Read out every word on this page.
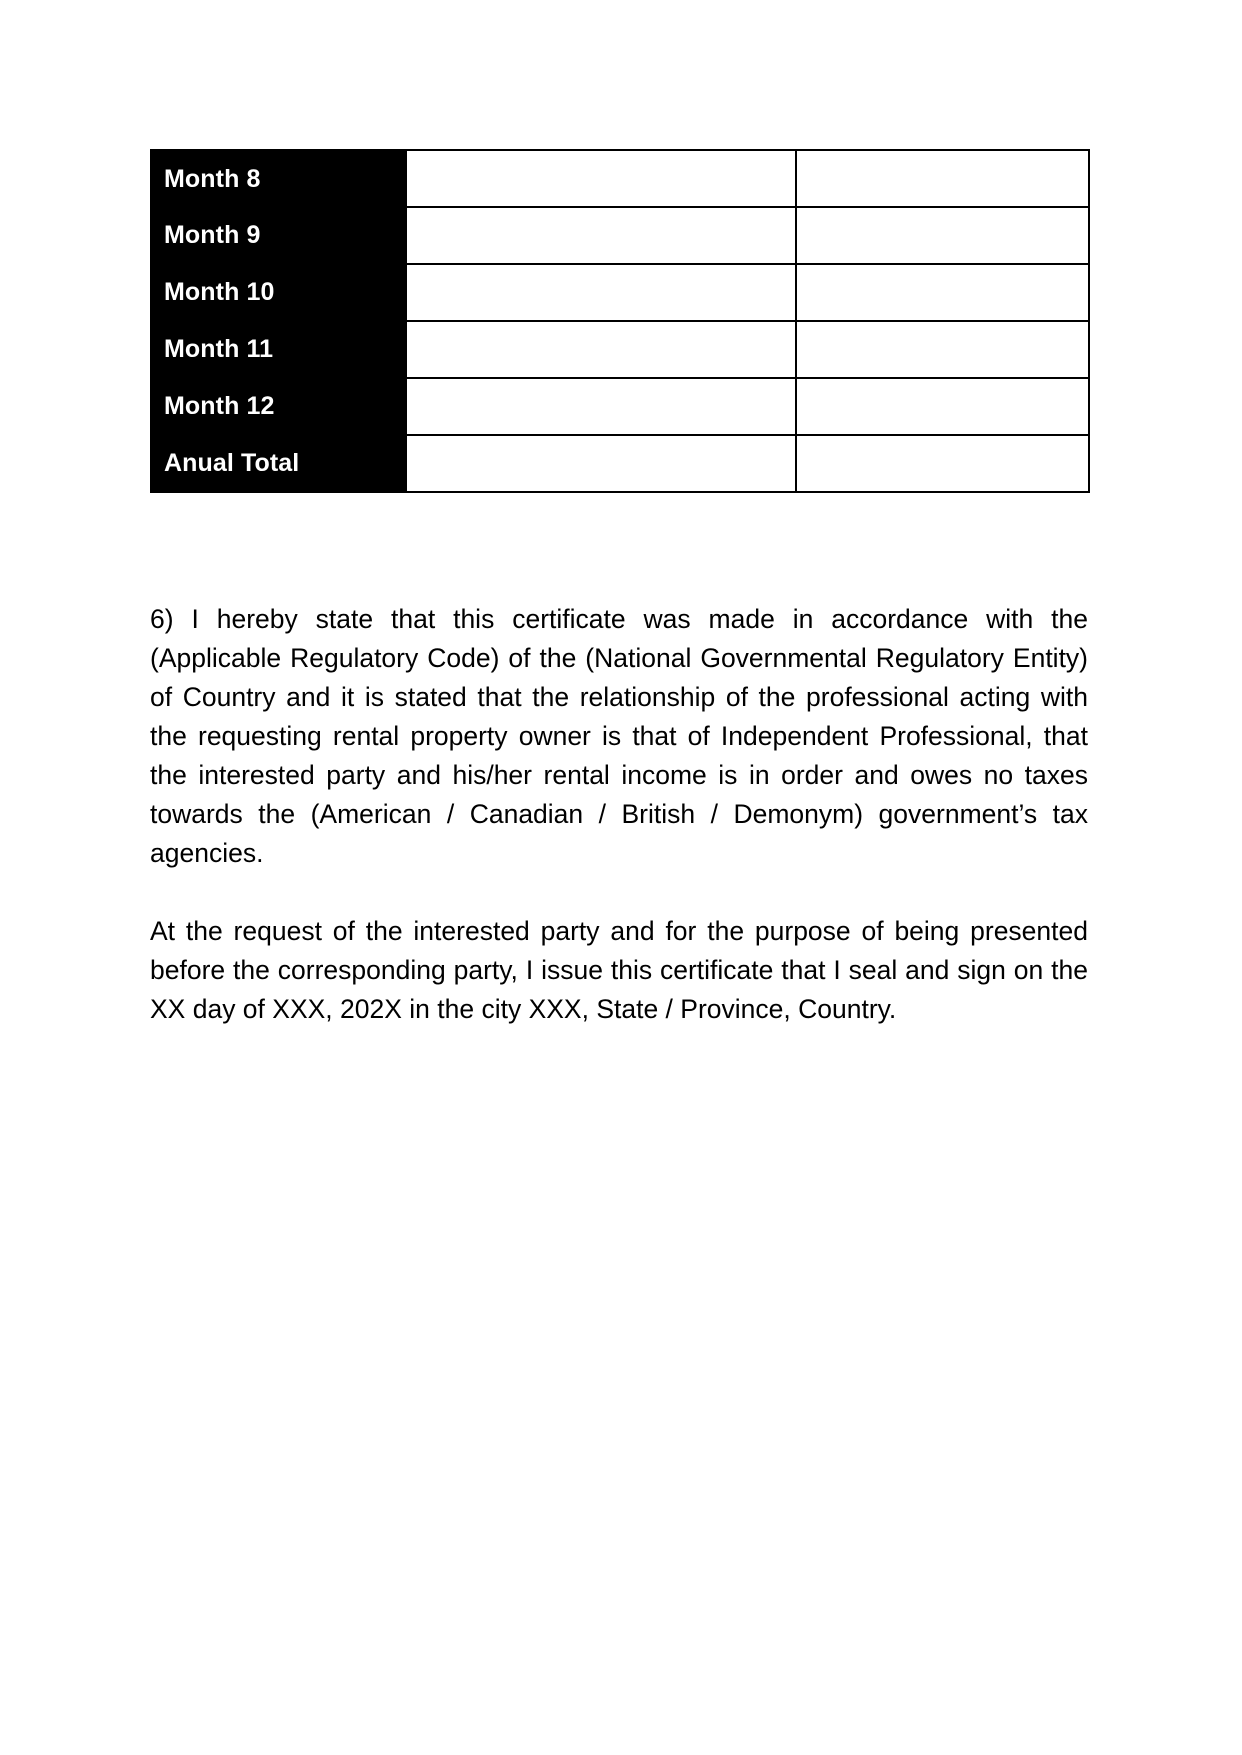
Month 8		
Month 9		
Month 10		
Month 11		
Month 12		
Anual Total		

6) I hereby state that this certificate was made in accordance with the (Applicable Regulatory Code) of the (National Governmental Regulatory Entity) of Country and it is stated that the relationship of the professional acting with the requesting rental property owner is that of Independent Professional, that the interested party and his/her rental income is in order and owes no taxes towards the (American / Canadian / British / Demonym) government’s tax agencies.

At the request of the interested party and for the purpose of being presented before the corresponding party, I issue this certificate that I seal and sign on the XX day of XXX, 202X in the city XXX, State / Province, Country.
